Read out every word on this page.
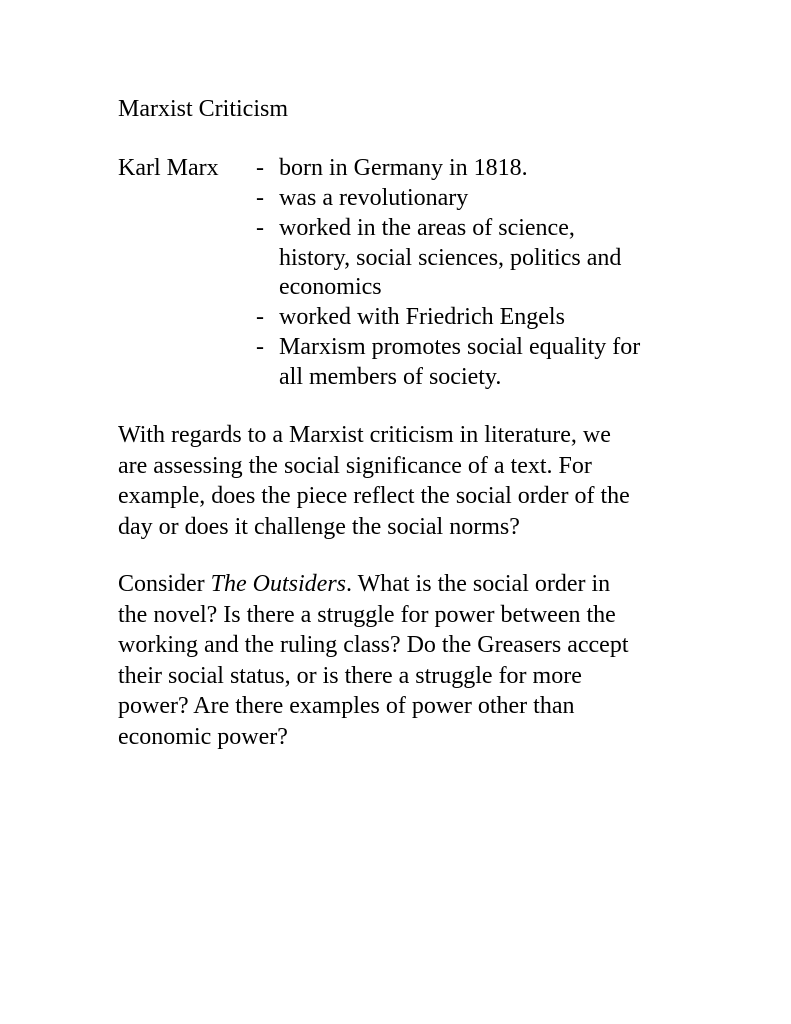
Marxist Criticism
Karl Marx - born in Germany in 1818.
- was a revolutionary
- worked in the areas of science,
history, social sciences, politics and
economics
- worked with Friedrich Engels
- Marxism promotes social equality for
all members of society.
With regards to a Marxist criticism in literature, we
are assessing the social significance of a text. For
example, does the piece reflect the social order of the
day or does it challenge the social norms?
Consider The Outsiders. What is the social order in
the novel? Is there a struggle for power between the
working and the ruling class? Do the Greasers accept
their social status, or is there a struggle for more
power? Are there examples of power other than
economic power?
